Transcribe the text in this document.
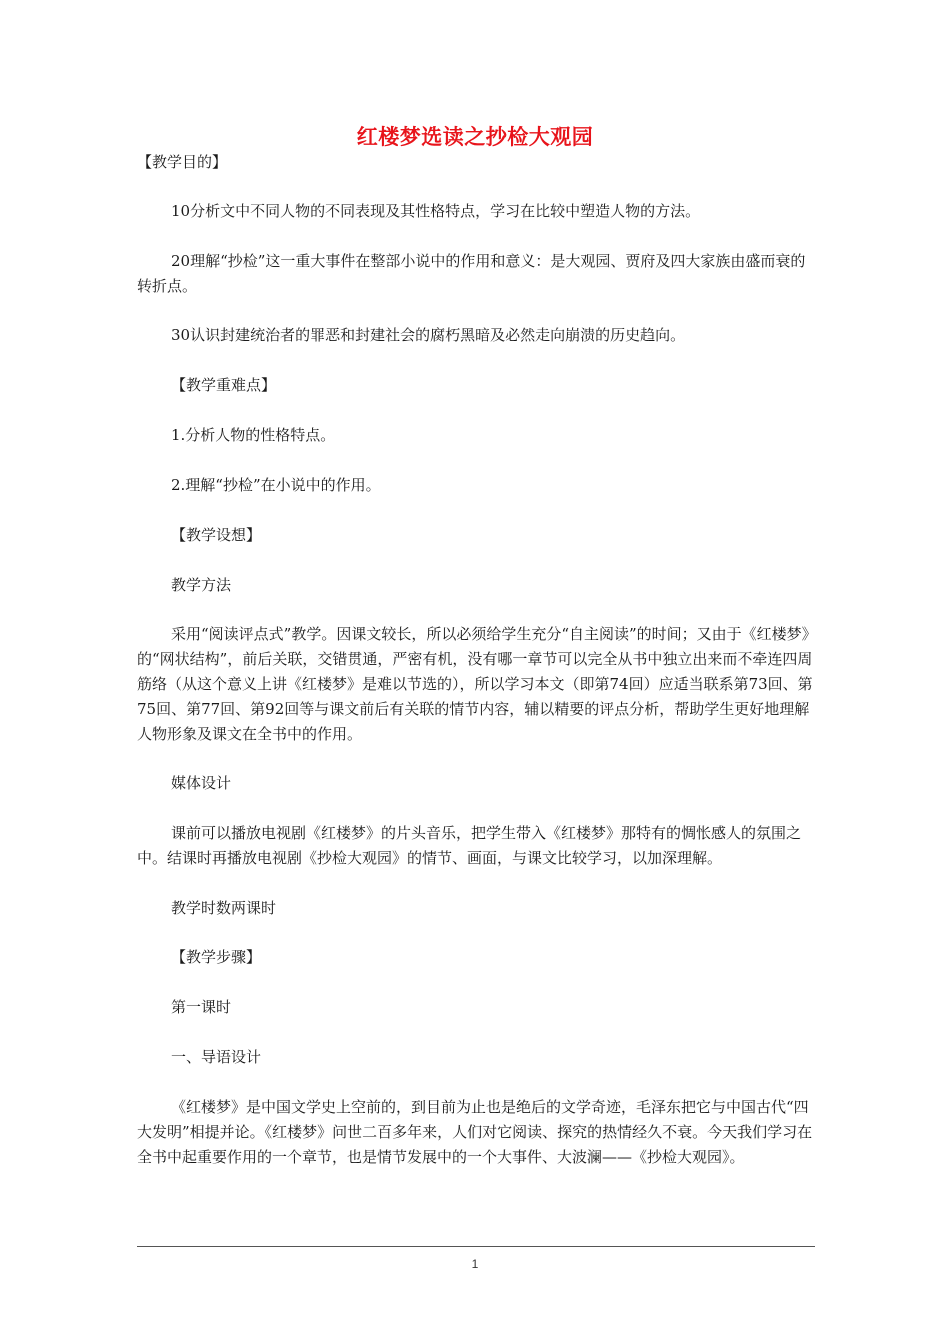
红楼梦选读之抄检大观园

【教学目的】

10分析文中不同人物的不同表现及其性格特点，学习在比较中塑造人物的方法。

20理解“抄检”这一重大事件在整部小说中的作用和意义：是大观园、贾府及四大家族由盛而衰的转折点。

30认识封建统治者的罪恶和封建社会的腐朽黑暗及必然走向崩溃的历史趋向。

【教学重难点】

1.分析人物的性格特点。

2.理解“抄检”在小说中的作用。

【教学设想】

教学方法

采用“阅读评点式”教学。因课文较长，所以必须给学生充分“自主阅读”的时间；又由于《红楼梦》的“网状结构”，前后关联，交错贯通，严密有机，没有哪一章节可以完全从书中独立出来而不牵连四周筋络（从这个意义上讲《红楼梦》是难以节选的），所以学习本文（即第74回）应适当联系第73回、第75回、第77回、第92回等与课文前后有关联的情节内容，辅以精要的评点分析，帮助学生更好地理解人物形象及课文在全书中的作用。

媒体设计

课前可以播放电视剧《红楼梦》的片头音乐，把学生带入《红楼梦》那特有的惆怅感人的氛围之中。结课时再播放电视剧《抄检大观园》的情节、画面，与课文比较学习，以加深理解。

教学时数两课时

【教学步骤】

第一课时

一、导语设计

《红楼梦》是中国文学史上空前的，到目前为止也是绝后的文学奇迹，毛泽东把它与中国古代“四大发明”相提并论。《红楼梦》问世二百多年来，人们对它阅读、探究的热情经久不衰。今天我们学习在全书中起重要作用的一个章节，也是情节发展中的一个大事件、大波澜——《抄检大观园》。

1
